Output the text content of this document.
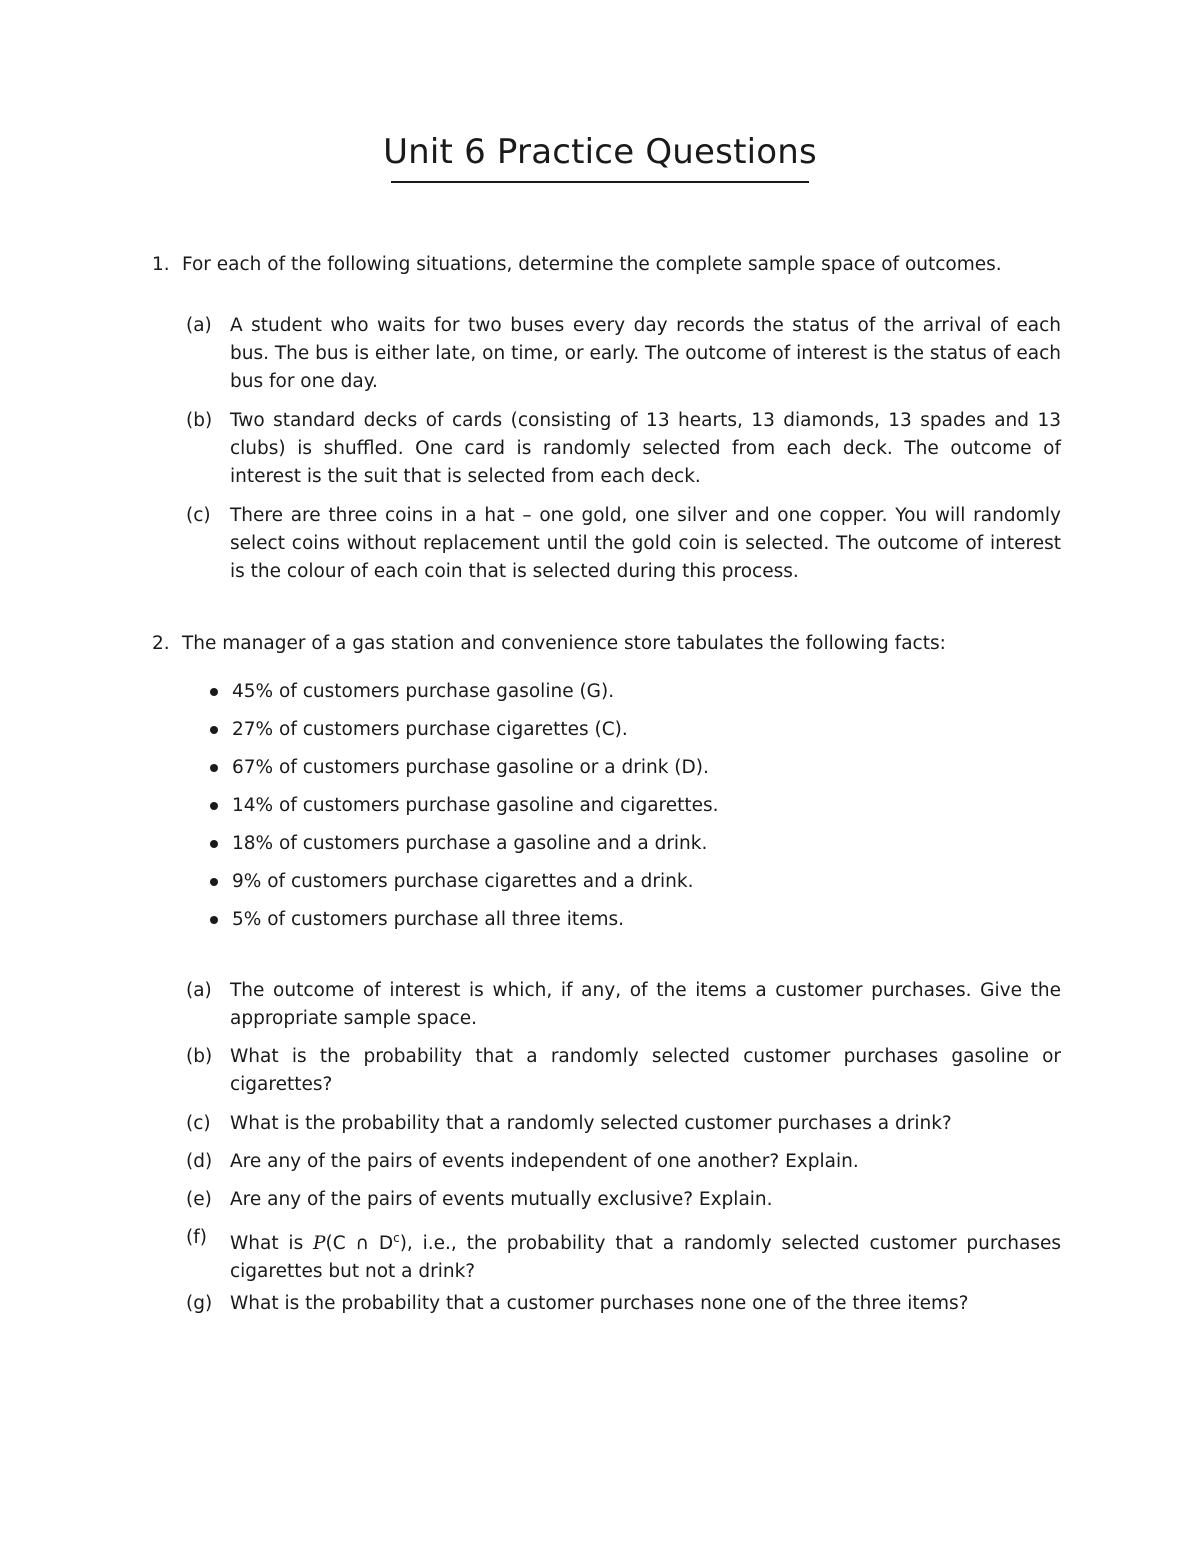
Unit 6 Practice Questions
1. For each of the following situations, determine the complete sample space of outcomes.
(a) A student who waits for two buses every day records the status of the arrival of each bus. The bus is either late, on time, or early. The outcome of interest is the status of each bus for one day.
(b) Two standard decks of cards (consisting of 13 hearts, 13 diamonds, 13 spades and 13 clubs) is shuffled. One card is randomly selected from each deck. The outcome of interest is the suit that is selected from each deck.
(c)	There are three coins in a hat – one gold, one silver and one copper. You will randomly select coins without replacement until the gold coin is selected. The outcome of interest is the colour of each coin that is selected during this process.
2. The manager of a gas station and convenience store tabulates the following facts:
45% of customers purchase gasoline (G).
27% of customers purchase cigarettes (C).
67% of customers purchase gasoline or a drink (D).
14% of customers purchase gasoline and cigarettes.
18% of customers purchase a gasoline and a drink.
9% of customers purchase cigarettes and a drink.
5% of customers purchase all three items.
(a) The outcome of interest is which, if any, of the items a customer purchases. Give the appropriate sample space.
(b) What is the probability that a randomly selected customer purchases gasoline or cigarettes?
(c)	What is the probability that a randomly selected customer purchases a drink?
(d) Are any of the pairs of events independent of one another? Explain.
(e) Are any of the pairs of events mutually exclusive? Explain.
(f)	What is P(C ∩ $D^c$), i.e., the probability that a randomly selected customer purchases cigarettes but not a drink?
(g) What is the probability that a customer purchases none one of the three items?
